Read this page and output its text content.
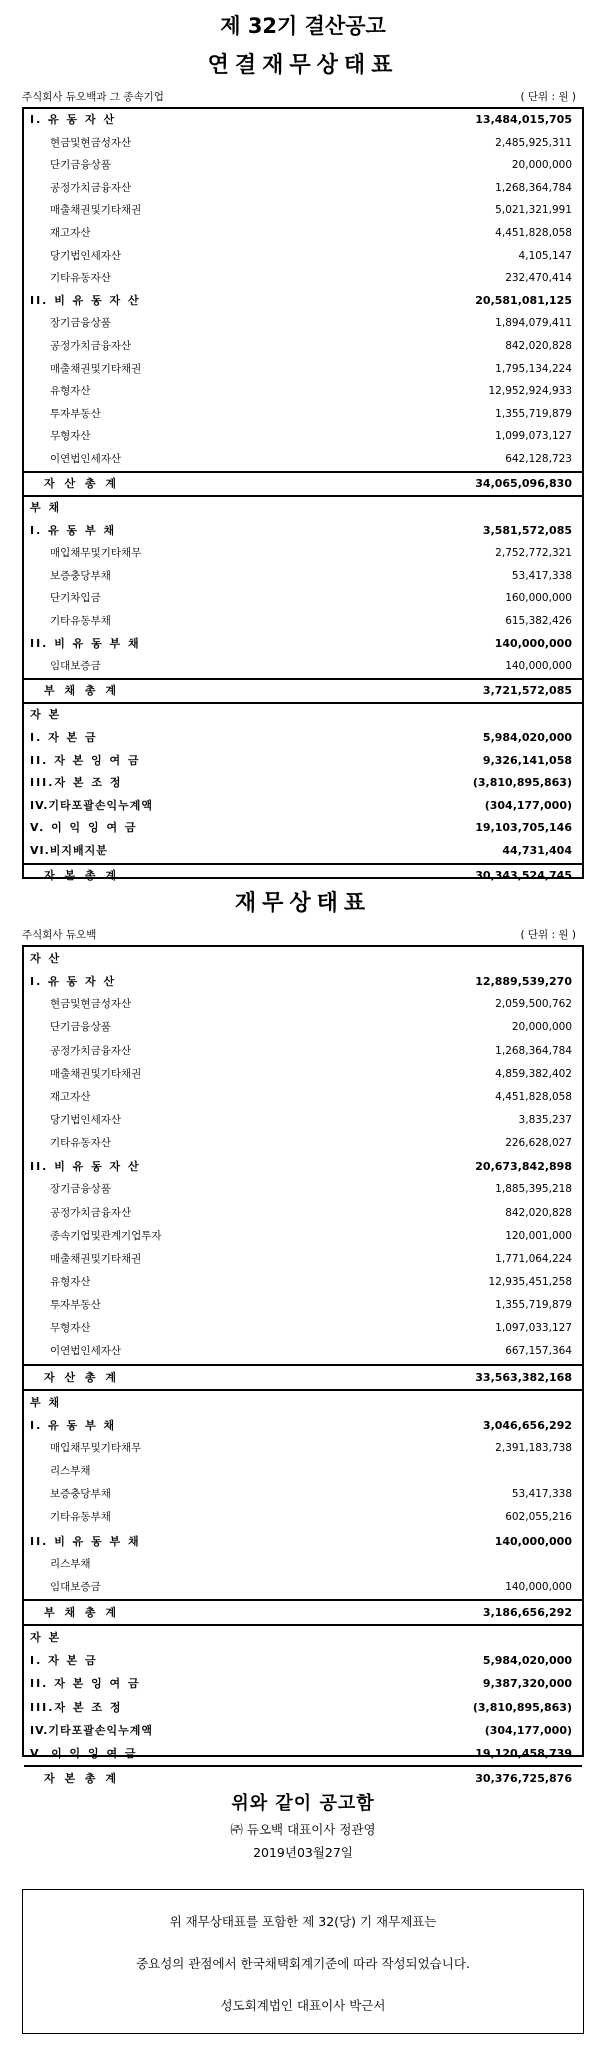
제 32기 결산공고
연결재무상태표
주식회사 듀오백과 그 종속기업	( 단위 : 원 )
I. 유 동 자 산	13,484,015,705
현금및현금성자산	2,485,925,311
단기금융상품	20,000,000
공정가치금융자산	1,268,364,784
매출채권및기타채권	5,021,321,991
재고자산	4,451,828,058
당기법인세자산	4,105,147
기타유동자산	232,470,414
II. 비 유 동 자 산	20,581,081,125
장기금융상품	1,894,079,411
공정가치금융자산	842,020,828
매출채권및기타채권	1,795,134,224
유형자산	12,952,924,933
투자부동산	1,355,719,879
무형자산	1,099,073,127
이연법인세자산	642,128,723
자 산 총 계	34,065,096,830
부 채
I. 유 동 부 채	3,581,572,085
매입채무및기타채무	2,752,772,321
보증충당부채	53,417,338
단기차입금	160,000,000
기타유동부채	615,382,426
II. 비 유 동 부 채	140,000,000
임대보증금	140,000,000
부 채 총 계	3,721,572,085
자 본
I. 자 본 금	5,984,020,000
II. 자 본 잉 여 금	9,326,141,058
III.자 본 조 정	(3,810,895,863)
IV.기타포괄손익누계액	(304,177,000)
V. 이 익 잉 여 금	19,103,705,146
VI.비지배지분	44,731,404
자 본 총 계	30,343,524,745
재무상태표
주식회사 듀오백	( 단위 : 원 )
자 산
I. 유 동 자 산	12,889,539,270
현금및현금성자산	2,059,500,762
단기금융상품	20,000,000
공정가치금융자산	1,268,364,784
매출채권및기타채권	4,859,382,402
재고자산	4,451,828,058
당기법인세자산	3,835,237
기타유동자산	226,628,027
II. 비 유 동 자 산	20,673,842,898
장기금융상품	1,885,395,218
공정가치금융자산	842,020,828
종속기업및관계기업투자	120,001,000
매출채권및기타채권	1,771,064,224
유형자산	12,935,451,258
투자부동산	1,355,719,879
무형자산	1,097,033,127
이연법인세자산	667,157,364
자 산 총 계	33,563,382,168
부 채
I. 유 동 부 채	3,046,656,292
매입채무및기타채무	2,391,183,738
리스부채
보증충당부채	53,417,338
기타유동부채	602,055,216
II. 비 유 동 부 채	140,000,000
리스부채
임대보증금	140,000,000
부 채 총 계	3,186,656,292
자 본
I. 자 본 금	5,984,020,000
II. 자 본 잉 여 금	9,387,320,000
III.자 본 조 정	(3,810,895,863)
IV.기타포괄손익누계액	(304,177,000)
V. 이 익 잉 여 금	19,120,458,739
자 본 총 계	30,376,725,876
위와 같이 공고함
㈜ 듀오백 대표이사 정관영
2019년03월27일
위 재무상태표를 포함한 제 32(당) 기 재무제표는
중요성의 관점에서 한국채택회계기준에 따라 작성되었습니다.
성도회계법인 대표이사 박근서
